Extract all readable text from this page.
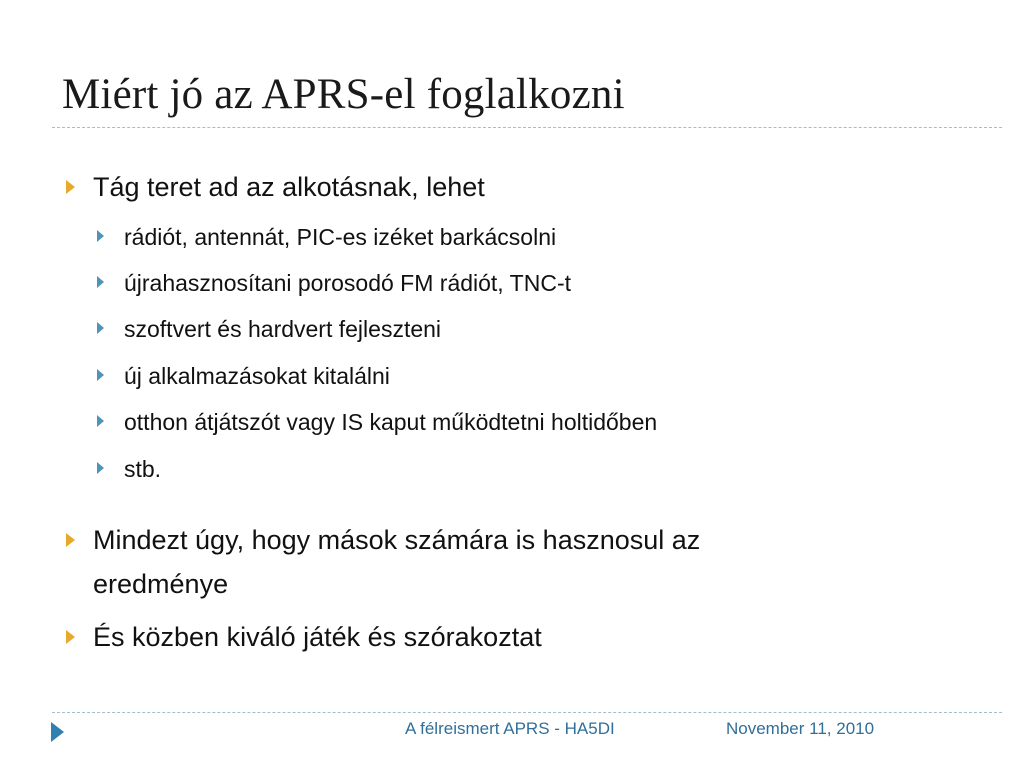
Miért jó az APRS-el foglalkozni
Tág teret ad az alkotásnak, lehet
rádiót, antennát, PIC-es izéket barkácsolni
újrahasznosítani porosodó FM rádiót, TNC-t
szoftvert és hardvert fejleszteni
új alkalmazásokat kitalálni
otthon átjátszót vagy IS kaput működtetni holtidőben
stb.
Mindezt úgy, hogy mások számára is hasznosul az
eredménye
És közben kiváló játék és szórakoztat
A félreismert APRS - HA5DI	November 11, 2010
